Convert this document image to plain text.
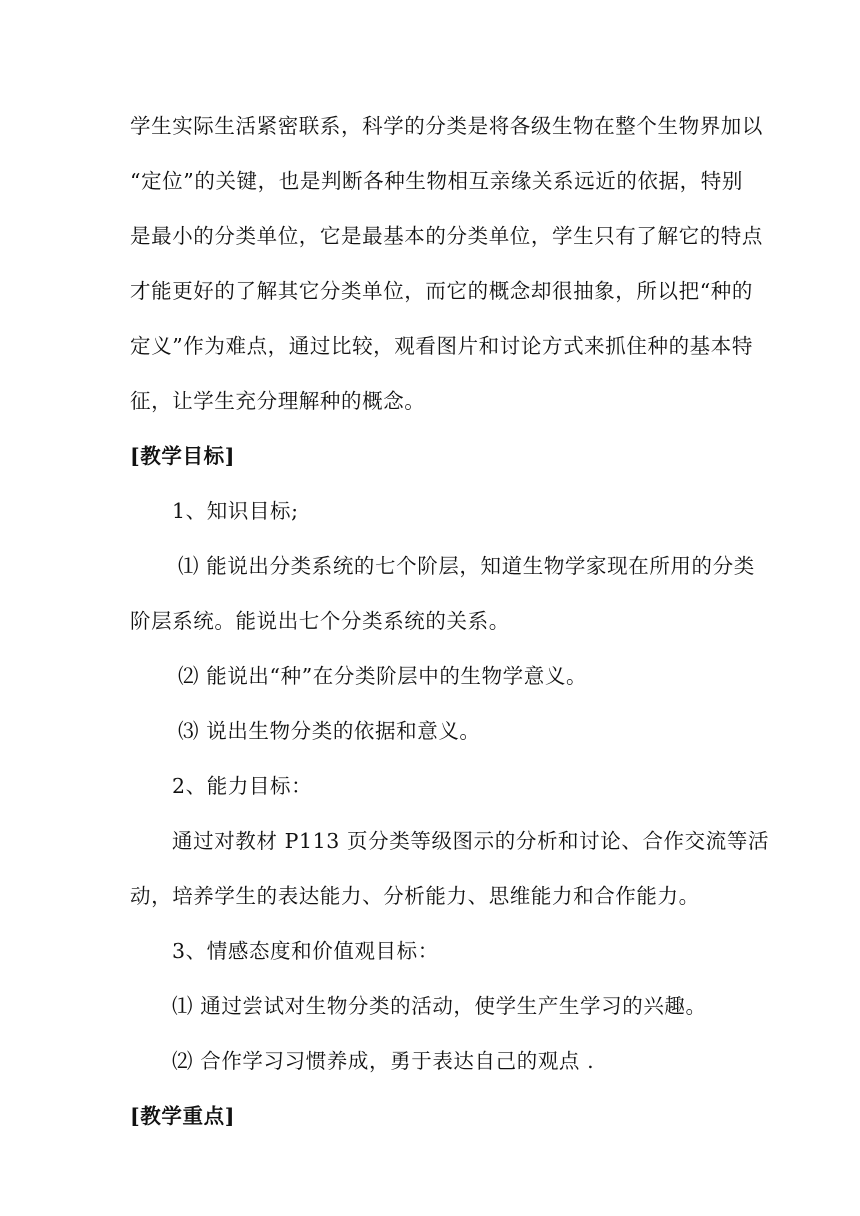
学生实际生活紧密联系，科学的分类是将各级生物在整个生物界加以
“定位”的关键，也是判断各种生物相互亲缘关系远近的依据，特别
是最小的分类单位，它是最基本的分类单位，学生只有了解它的特点
才能更好的了解其它分类单位，而它的概念却很抽象，所以把“种的
定义”作为难点，通过比较，观看图片和讨论方式来抓住种的基本特
征，让学生充分理解种的概念。
[教学目标]
1、知识目标;
⑴ 能说出分类系统的七个阶层，知道生物学家现在所用的分类
阶层系统。能说出七个分类系统的关系。
⑵ 能说出“种”在分类阶层中的生物学意义。
⑶ 说出生物分类的依据和意义。
2、能力目标：
通过对教材 P113 页分类等级图示的分析和讨论、合作交流等活
动，培养学生的表达能力、分析能力、思维能力和合作能力。
3、情感态度和价值观目标：
⑴ 通过尝试对生物分类的活动，使学生产生学习的兴趣。
⑵ 合作学习习惯养成，勇于表达自己的观点 .
[教学重点]
